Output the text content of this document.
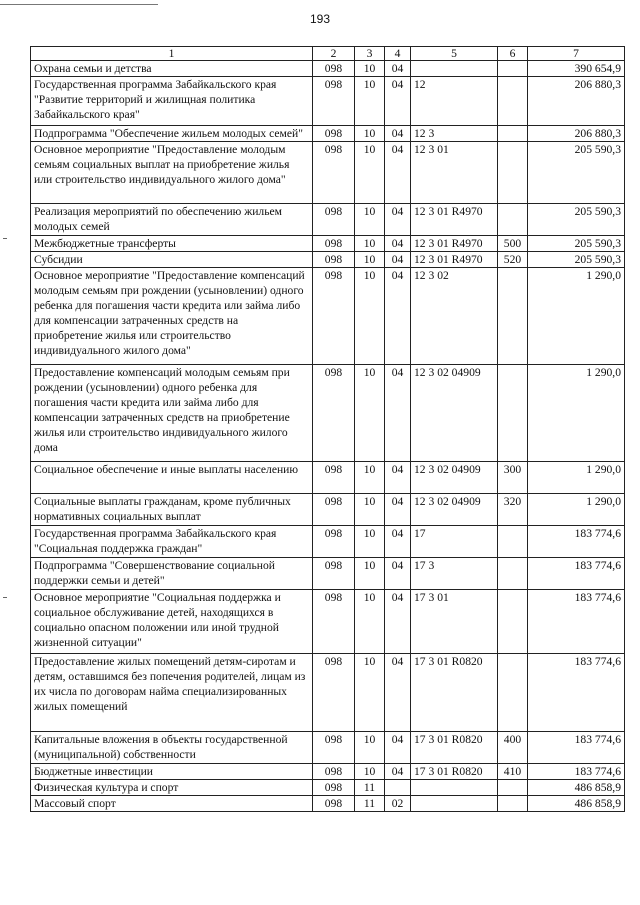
193
1	2	3	4	5	6	7
Охрана семьи и детства	098	10	04			390 654,9
Государственная программа Забайкальского края "Развитие территорий и жилищная политика Забайкальского края"	098	10	04	12		206 880,3
Подпрограмма "Обеспечение жильем молодых семей"	098	10	04	12 3		206 880,3
Основное мероприятие "Предоставление молодым семьям социальных выплат на приобретение жилья или строительство индивидуального жилого дома"	098	10	04	12 3 01		205 590,3
Реализация мероприятий по обеспечению жильем молодых семей	098	10	04	12 3 01 R4970		205 590,3
Межбюджетные трансферты	098	10	04	12 3 01 R4970	500	205 590,3
Субсидии	098	10	04	12 3 01 R4970	520	205 590,3
Основное мероприятие "Предоставление компенсаций молодым семьям при рождении (усыновлении) одного ребенка для погашения части кредита или займа либо для компенсации затраченных средств на приобретение жилья или строительство индивидуального жилого дома"	098	10	04	12 3 02		1 290,0
Предоставление компенсаций молодым семьям при рождении (усыновлении) одного ребенка для погашения части кредита или займа либо для компенсации затраченных средств на приобретение жилья или строительство индивидуального жилого дома	098	10	04	12 3 02 04909		1 290,0
Социальное обеспечение и иные выплаты населению	098	10	04	12 3 02 04909	300	1 290,0
Социальные выплаты гражданам, кроме публичных нормативных социальных выплат	098	10	04	12 3 02 04909	320	1 290,0
Государственная программа Забайкальского края "Социальная поддержка граждан"	098	10	04	17		183 774,6
Подпрограмма "Совершенствование социальной поддержки семьи и детей"	098	10	04	17 3		183 774,6
Основное мероприятие "Социальная поддержка и социальное обслуживание детей, находящихся в социально опасном положении или иной трудной жизненной ситуации"	098	10	04	17 3 01		183 774,6
Предоставление жилых помещений детям-сиротам и детям, оставшимся без попечения родителей, лицам из их числа по договорам найма специализированных жилых помещений	098	10	04	17 3 01 R0820		183 774,6
Капитальные вложения в объекты государственной (муниципальной) собственности	098	10	04	17 3 01 R0820	400	183 774,6
Бюджетные инвестиции	098	10	04	17 3 01 R0820	410	183 774,6
Физическая культура и спорт	098	11				486 858,9
Массовый спорт	098	11	02			486 858,9
